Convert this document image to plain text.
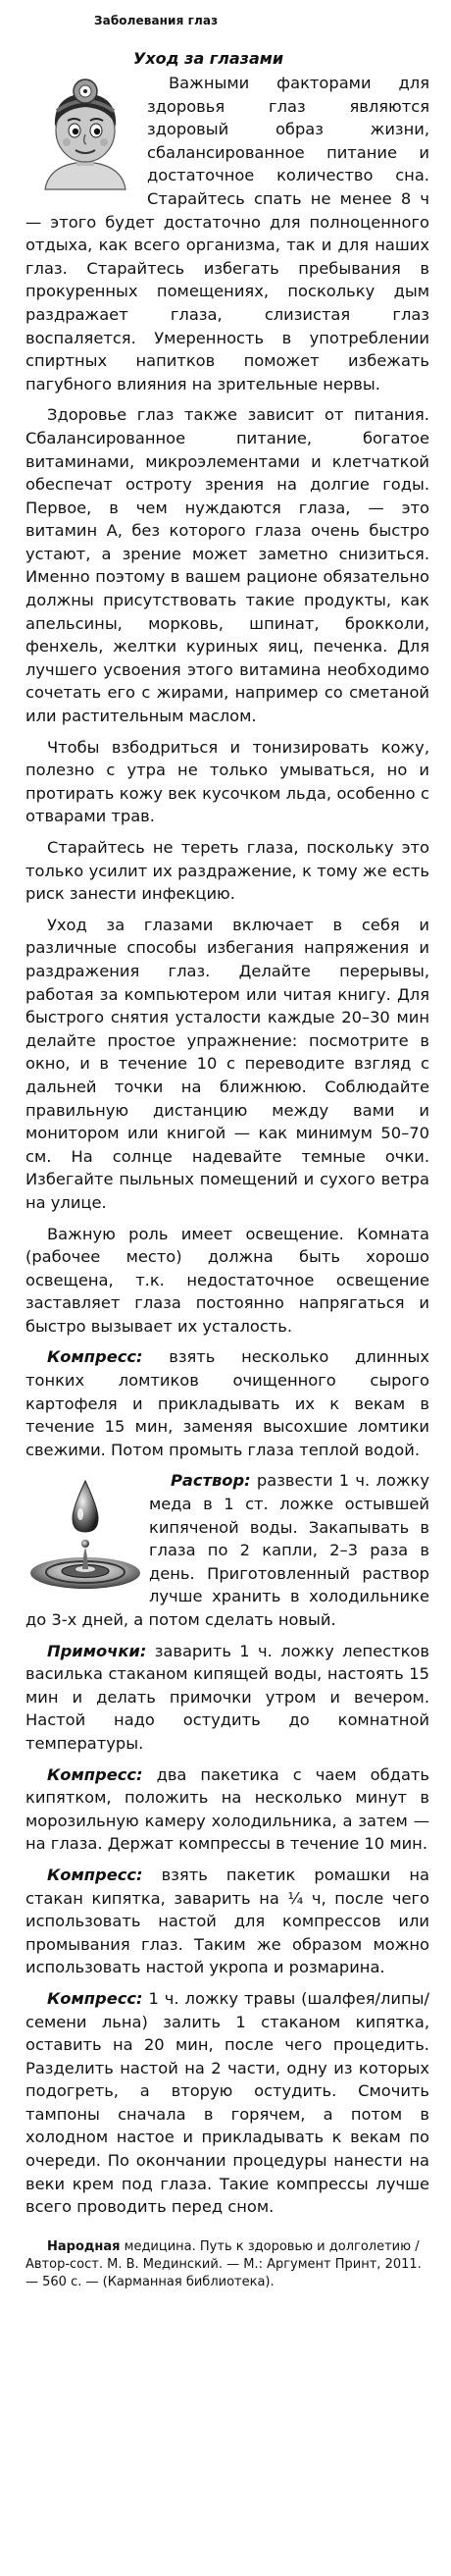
Заболевания глаз
Уход за глазами

Важными факторами для здоровья глаз являются здоровый образ жизни, сбалансированное питание и достаточное количество сна. Старайтесь спать не менее 8 ч — этого будет достаточно для полноценного отдыха, как всего организма, так и для наших глаз. Старайтесь избегать пребывания в прокуренных помещениях, поскольку дым раздражает глаза, слизистая глаз воспаляется. Умеренность в употреблении спиртных напитков поможет избежать пагубного влияния на зрительные нервы.

Здоровье глаз также зависит от питания. Сбалансированное питание, богатое витаминами, микроэлементами и клетчаткой обеспечат остроту зрения на долгие годы. Первое, в чем нуждаются глаза, — это витамин А, без которого глаза очень быстро устают, а зрение может заметно снизиться. Именно поэтому в вашем рационе обязательно должны присутствовать такие продукты, как апельсины, морковь, шпинат, брокколи, фенхель, желтки куриных яиц, печенка. Для лучшего усвоения этого витамина необходимо сочетать его с жирами, например со сметаной или растительным маслом.

Чтобы взбодриться и тонизировать кожу, полезно с утра не только умываться, но и протирать кожу век кусочком льда, особенно с отварами трав.

Старайтесь не тереть глаза, поскольку это только усилит их раздражение, к тому же есть риск занести инфекцию.

Уход за глазами включает в себя и различные способы избегания напряжения и раздражения глаз. Делайте перерывы, работая за компьютером или читая книгу. Для быстрого снятия усталости каждые 20–30 мин делайте простое упражнение: посмотрите в окно, и в течение 10 с переводите взгляд с дальней точки на ближнюю. Соблюдайте правильную дистанцию между вами и монитором или книгой — как минимум 50–70 см. На солнце надевайте темные очки. Избегайте пыльных помещений и сухого ветра на улице.

Важную роль имеет освещение. Комната (рабочее место) должна быть хорошо освещена, т.к. недостаточное освещение заставляет глаза постоянно напрягаться и быстро вызывает их усталость.

Компресс: взять несколько длинных тонких ломтиков очищенного сырого картофеля и прикладывать их к векам в течение 15 мин, заменяя высохшие ломтики свежими. Потом промыть глаза теплой водой.

Раствор: развести 1 ч. ложку меда в 1 ст. ложке остывшей кипяченой воды. Закапывать в глаза по 2 капли, 2–3 раза в день. Приготовленный раствор лучше хранить в холодильнике до 3-х дней, а потом сделать новый.

Примочки: заварить 1 ч. ложку лепестков василька стаканом кипящей воды, настоять 15 мин и делать примочки утром и вечером. Настой надо остудить до комнатной температуры.

Компресс: два пакетика с чаем обдать кипятком, положить на несколько минут в морозильную камеру холодильника, а затем — на глаза. Держат компрессы в течение 10 мин.

Компресс: взять пакетик ромашки на стакан кипятка, заварить на ¼ ч, после чего использовать настой для компрессов или промывания глаз. Таким же образом можно использовать настой укропа и розмарина.

Компресс: 1 ч. ложку травы (шалфея/липы/семени льна) залить 1 стаканом кипятка, оставить на 20 мин, после чего процедить. Разделить настой на 2 части, одну из которых подогреть, а вторую остудить. Смочить тампоны сначала в горячем, а потом в холодном настое и прикладывать к векам по очереди. По окончании процедуры нанести на веки крем под глаза. Такие компрессы лучше всего проводить перед сном.

Народная медицина. Путь к здоровью и долголетию / Автор-сост. М. В. Мединский. — М.: Аргумент Принт, 2011. — 560 с. — (Карманная библиотека).
